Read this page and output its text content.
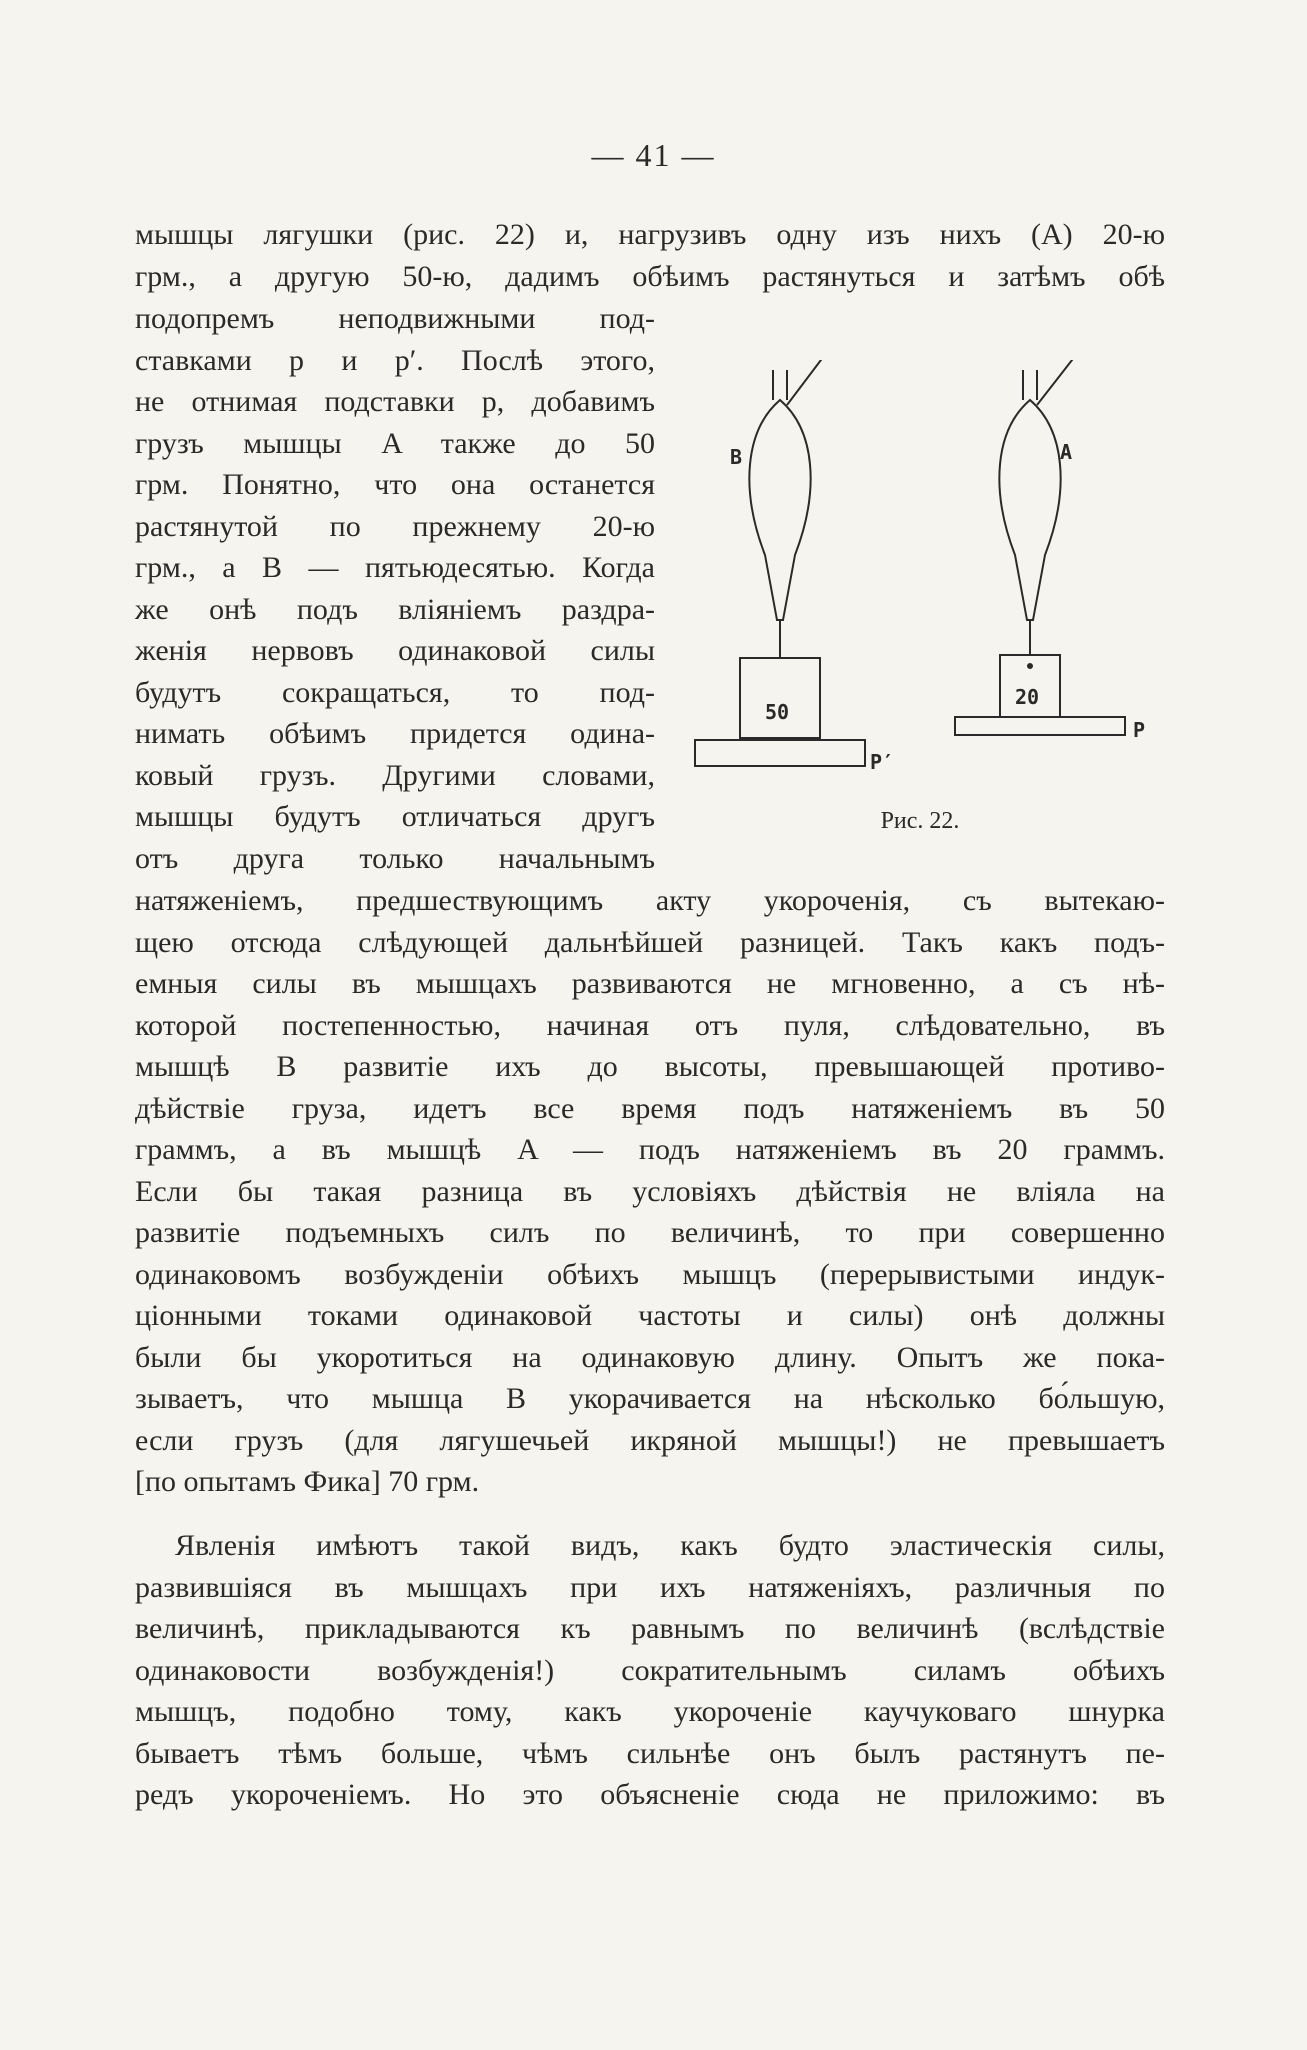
— 41 —
мышцы лягушки (рис. 22) и, нагрузивъ одну изъ нихъ (А) 20-ю
грм., а другую 50-ю, дадимъ обѣимъ растянуться и затѣмъ обѣ
подопремъ неподвижными под-
ставками p и p′. Послѣ этого,
не отнимая подставки p, добавимъ
грузъ мышцы A также до 50
грм. Понятно, что она останется
растянутой по прежнему 20-ю
грм., а B — пятьюдесятью. Когда
же онѣ подъ вліяніемъ раздра-
женія нервовъ одинаковой силы
будутъ сокращаться, то под-
нимать обѣимъ придется одина-
ковый грузъ. Другими словами,
мышцы будутъ отличаться другъ
отъ друга только начальнымъ
B	A
50
20
P′
P
Рис. 22.
натяженіемъ, предшествующимъ акту укороченія, съ вытекаю-
щею отсюда слѣдующей дальнѣйшей разницей. Такъ какъ подъ-
емныя силы въ мышцахъ развиваются не мгновенно, а съ нѣ-
которой постепенностью, начиная отъ пуля, слѣдовательно, въ
мышцѣ B развитіе ихъ до высоты, превышающей противо-
дѣйствіе груза, идетъ все время подъ натяженіемъ въ 50
граммъ, а въ мышцѣ A — подъ натяженіемъ въ 20 граммъ.
Если бы такая разница въ условіяхъ дѣйствія не вліяла на
развитіе подъемныхъ силъ по величинѣ, то при совершенно
одинаковомъ возбужденіи обѣихъ мышцъ (перерывистыми индук-
ціонными токами одинаковой частоты и силы) онѣ должны
были бы укоротиться на одинаковую длину. Опытъ же пока-
зываетъ, что мышца B укорачивается на нѣсколько бо́льшую,
если грузъ (для лягушечьей икряной мышцы!) не превышаетъ
[по опытамъ Фика] 70 грм.
Явленія имѣютъ такой видъ, какъ будто эластическія силы,
развившіяся въ мышцахъ при ихъ натяженіяхъ, различныя по
величинѣ, прикладываются къ равнымъ по величинѣ (вслѣдствіе
одинаковости возбужденія!) сократительнымъ силамъ обѣихъ
мышцъ, подобно тому, какъ укороченіе каучуковаго шнурка
бываетъ тѣмъ больше, чѣмъ сильнѣе онъ былъ растянутъ пе-
редъ укороченіемъ. Но это объясненіе сюда не приложимо: въ
